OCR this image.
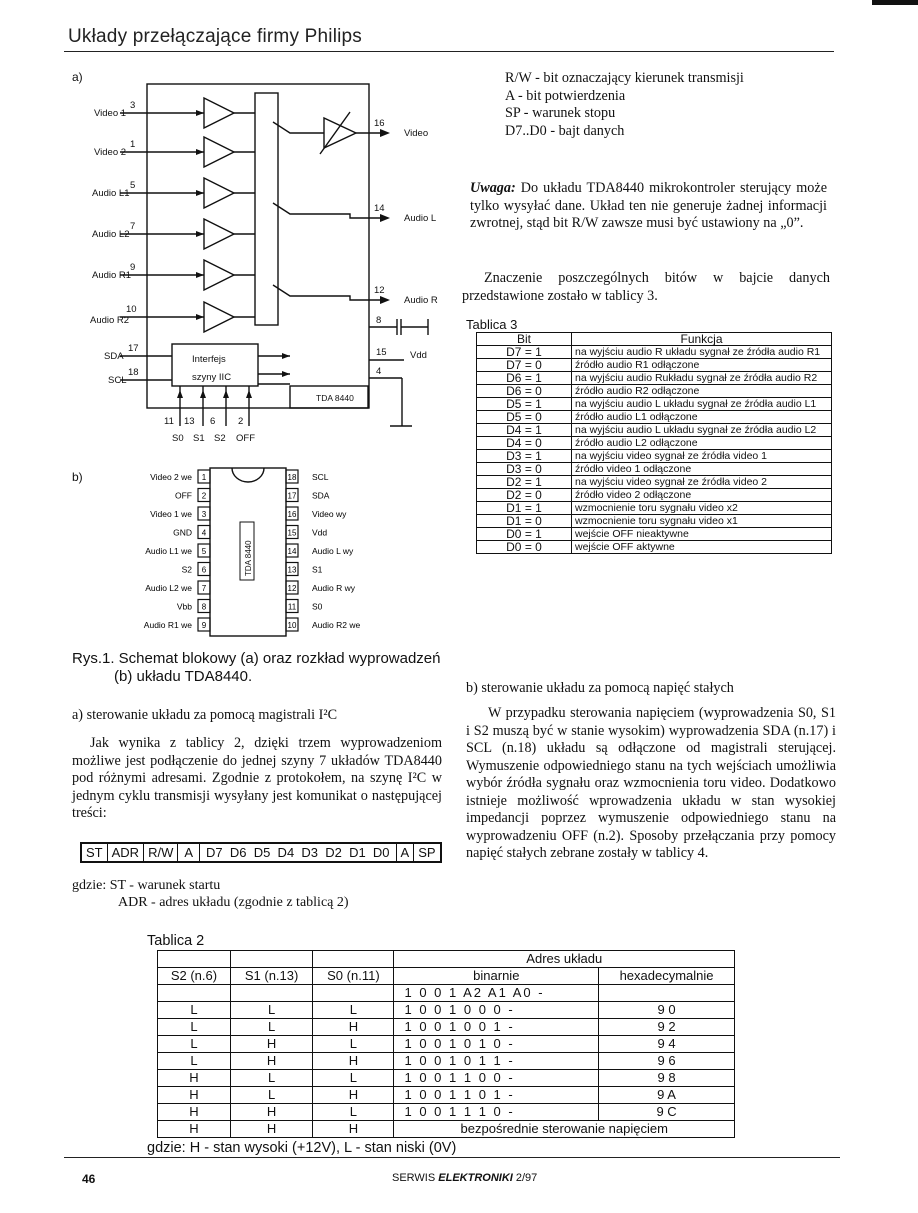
Układy przełączające firmy Philips
a)
Video 1
3
Video 2
1
Audio L1
5
Audio L2
7
Audio R1
9
Audio R2
10
Video
16
Audio L
14
Audio R
12
SDA
17
SCL
18
Interfejs
szyny IIC
TDA 8440
8
15
4
Vdd
11 13 6 2
S0 S1 S2 OFF
b)
TDA 8440
1
Video 2 we
2
OFF
3
Video 1 we
4
GND
5
Audio L1 we
6
S2
7
Audio L2 we
8
Vbb
9
Audio R1 we
18 SCL
17 SDA
16 Video wy
15 Vdd
14 Audio L wy
13 S1
12 Audio R wy
11 S0
10 Audio R2 we
Rys.1. Schemat blokowy (a) oraz rozkład wyprowadzeń
(b) układu TDA8440.
a) sterowanie układu za pomocą magistrali I²C
Jak wynika z tablicy 2, dzięki trzem wyprowadzeniom możliwe jest podłączenie do jednej szyny 7 układów TDA8440 pod różnymi adresami. Zgodnie z protokołem, na szynę I²C w jednym cyklu transmisji wysyłany jest komunikat o następującej treści:
ST ADR R/W A	D7  D6  D5  D4  D3  D2  D1  D0 A SP
gdzie: ST - warunek startu
ADR - adres układu (zgodnie z tablicą 2)
R/W - bit oznaczający kierunek transmisji
A - bit potwierdzenia
SP - warunek stopu
D7..D0 - bajt danych
Uwaga: Do układu TDA8440 mikrokontroler sterujący może tylko wysyłać dane. Układ ten nie generuje żadnej informacji zwrotnej, stąd bit R/W zawsze musi być ustawiony na „0”.
Znaczenie poszczególnych bitów w bajcie danych przedstawione zostało w tablicy 3.
Tablica 3
Bit	Funkcja
D7 = 1	na wyjściu audio R układu sygnał ze źródła audio R1
D7 = 0	źródło audio R1 odłączone
D6 = 1	na wyjściu audio Rukładu sygnał ze źródła audio R2
D6 = 0	źródło audio R2 odłączone
D5 = 1	na wyjściu audio L układu sygnał ze źródła audio L1
D5 = 0	źródło audio L1 odłączone
D4 = 1	na wyjściu audio L układu sygnał ze źródła audio L2
D4 = 0	źródło audio L2 odłączone
D3 = 1	na wyjściu video sygnał ze źródła video 1
D3 = 0	źródło video 1 odłączone
D2 = 1	na wyjściu video sygnał ze źródła video 2
D2 = 0	źródło video 2 odłączone
D1 = 1	wzmocnienie toru sygnału video x2
D1 = 0	wzmocnienie toru sygnału video x1
D0 = 1	wejście OFF nieaktywne
D0 = 0	wejście OFF aktywne
b) sterowanie układu za pomocą napięć stałych
W przypadku sterowania napięciem (wyprowadzenia S0, S1 i S2 muszą być w stanie wysokim) wyprowadzenia SDA (n.17) i SCL (n.18) układu są odłączone od magistrali sterującej. Wymuszenie odpowiedniego stanu na tych wejściach umożliwia wybór źródła sygnału oraz wzmocnienia toru video. Dodatkowo istnieje możliwość wprowadzenia układu w stan wysokiej impedancji poprzez wymuszenie odpowiedniego stanu na wyprowadzeniu OFF (n.2). Sposoby przełączania przy pomocy napięć stałych zebrane zostały w tablicy 4.
Tablica 2
			Adres układu	
S2 (n.6)	S1 (n.13)	S0 (n.11)	binarnie	hexadecymalnie
			1 0 0 1 A2 A1 A0 -	
L	L	L	1 0 0 1 0 0 0 -	9 0
L	L	H	1 0 0 1 0 0 1 -	9 2
L	H	L	1 0 0 1 0 1 0 -	9 4
L	H	H	1 0 0 1 0 1 1 -	9 6
H	L	L	1 0 0 1 1 0 0 -	9 8
H	L	H	1 0 0 1 1 0 1 -	9 A
H	H	L	1 0 0 1 1 1 0 -	9 C
H	H	H	bezpośrednie sterowanie napięciem	
gdzie: H - stan wysoki (+12V), L - stan niski (0V)
46	SERWIS ELEKTRONIKI 2/97
